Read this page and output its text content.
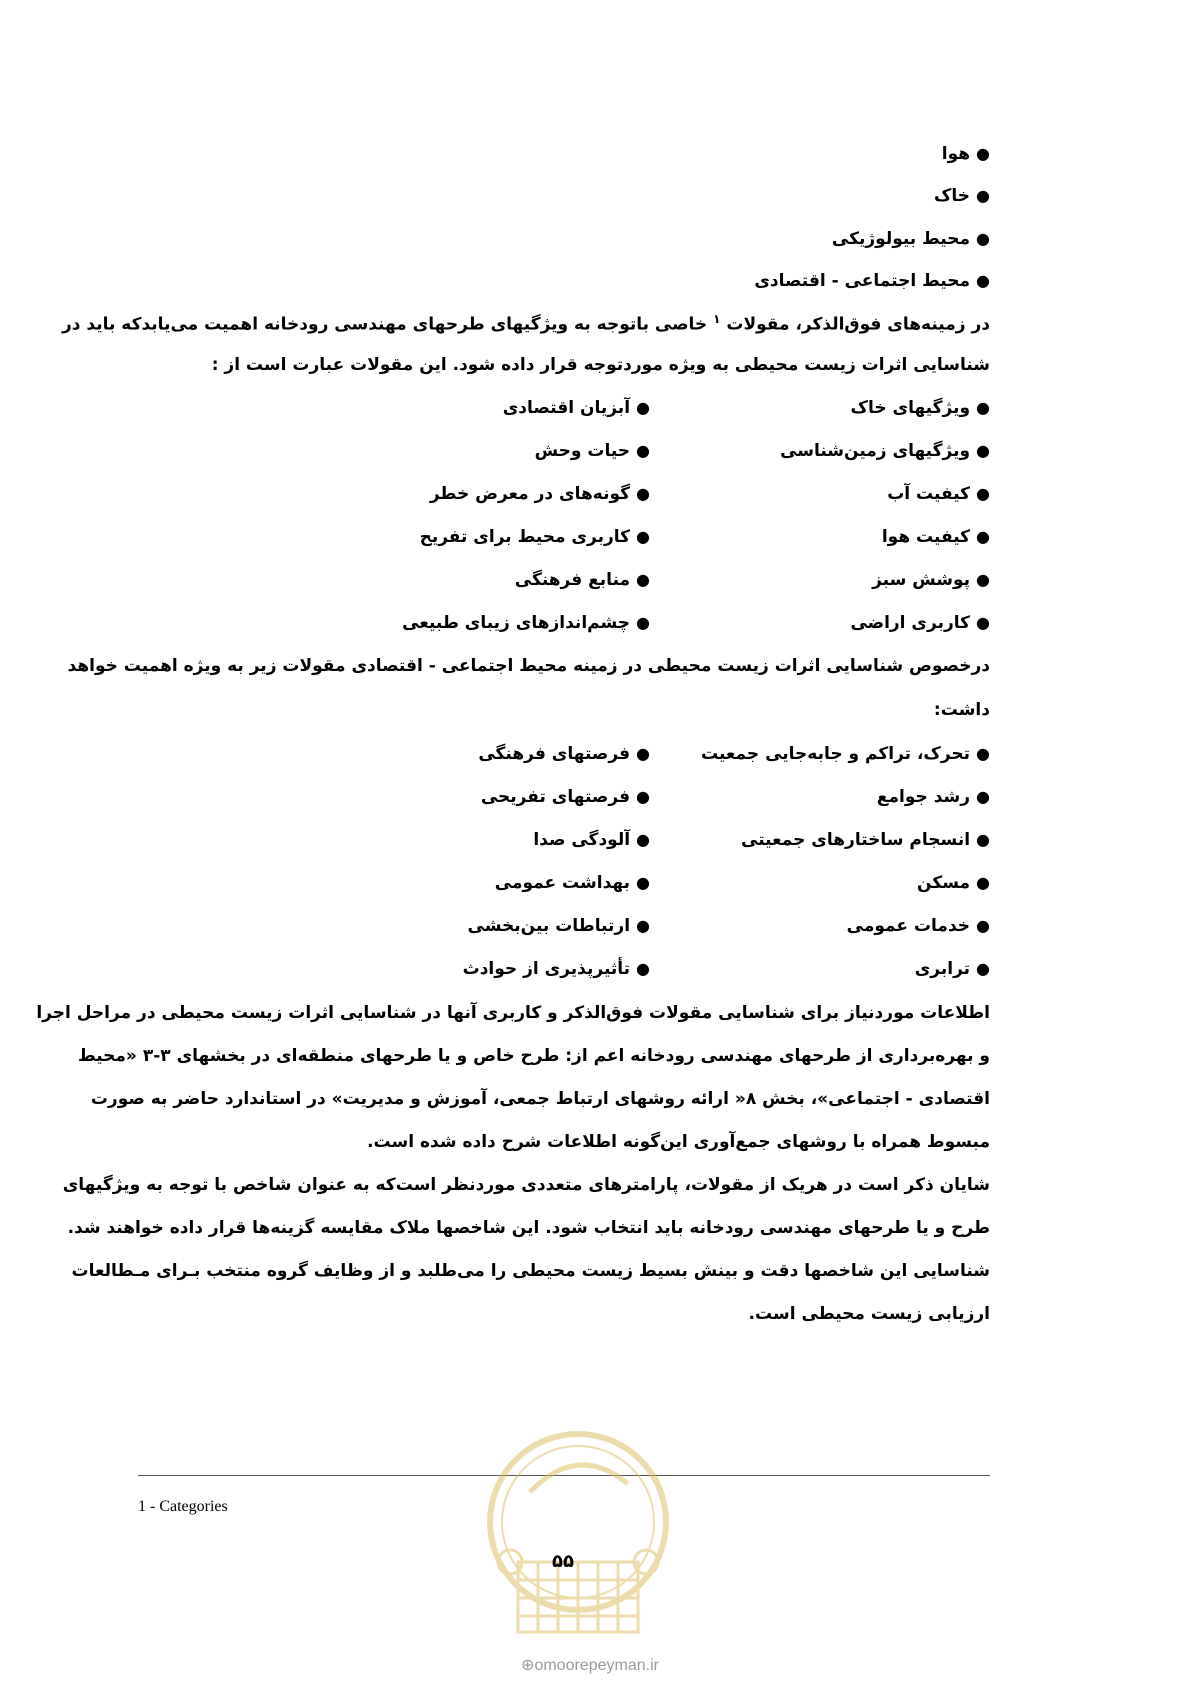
●هوا
●خاک
●محیط بیولوژیکی
●محیط اجتماعی - اقتصادی
در زمینه‌های فوق‌الذکر، مقولات $^۱$ خاصی باتوجه به ویژگیهای طرحهای مهندسی رودخانه اهمیت می‌یابدکه باید در
شناسایی اثرات زیست محیطی به ویژه موردتوجه قرار داده شود. این مقولات عبارت است از :
●ویژگیهای خاک
●ویژگیهای زمین‌شناسی
●کیفیت آب
●کیفیت هوا
●پوشش سبز
●کاربری اراضی
●آبزیان اقتصادی
●حیات وحش
●گونه‌های در معرض خطر
●کاربری محیط برای تفریح
●منابع فرهنگی
●چشم‌اندازهای زیبای طبیعی
درخصوص شناسایی اثرات زیست محیطی در زمینه محیط اجتماعی - اقتصادی مقولات زیر به ویژه اهمیت خواهد
داشت:
●تحرک، تراکم و جابه‌جایی جمعیت
●رشد جوامع
●انسجام ساختارهای جمعیتی
●مسکن
●خدمات عمومی
●ترابری
●فرصتهای فرهنگی
●فرصتهای تفریحی
●آلودگی صدا
●بهداشت عمومی
●ارتباطات بین‌بخشی
●تأثیرپذیری از حوادث
اطلاعات موردنیاز برای شناسایی مقولات فوق‌الذکر و کاربری آنها در شناسایی اثرات زیست محیطی در مراحل اجرا
و بهره‌برداری از طرحهای مهندسی رودخانه اعم از: طرح خاص و یا طرحهای منطقه‌ای در بخشهای ۳-۳ «محیط
اقتصادی - اجتماعی»، بخش ۸« ارائه روشهای ارتباط جمعی، آموزش و مدیریت» در استاندارد حاضر به صورت
مبسوط همراه با روشهای جمع‌آوری این‌گونه اطلاعات شرح داده شده است.
شایان ذکر است در هریک از مقولات، پارامترهای متعددی موردنظر است‌که به عنوان شاخص با توجه به ویژگیهای
طرح و یا طرحهای مهندسی رودخانه باید انتخاب شود. این شاخصها ملاک مقایسه گزینه‌ها قرار داده خواهند شد.
شناسایی این شاخصها دقت و بینش بسیط زیست محیطی را می‌طلبد و از وظایف گروه منتخب بـرای مـطالعات
ارزیابی زیست محیطی است.
1 - Categories
۵۵
⊕omoorepeyman.ir
